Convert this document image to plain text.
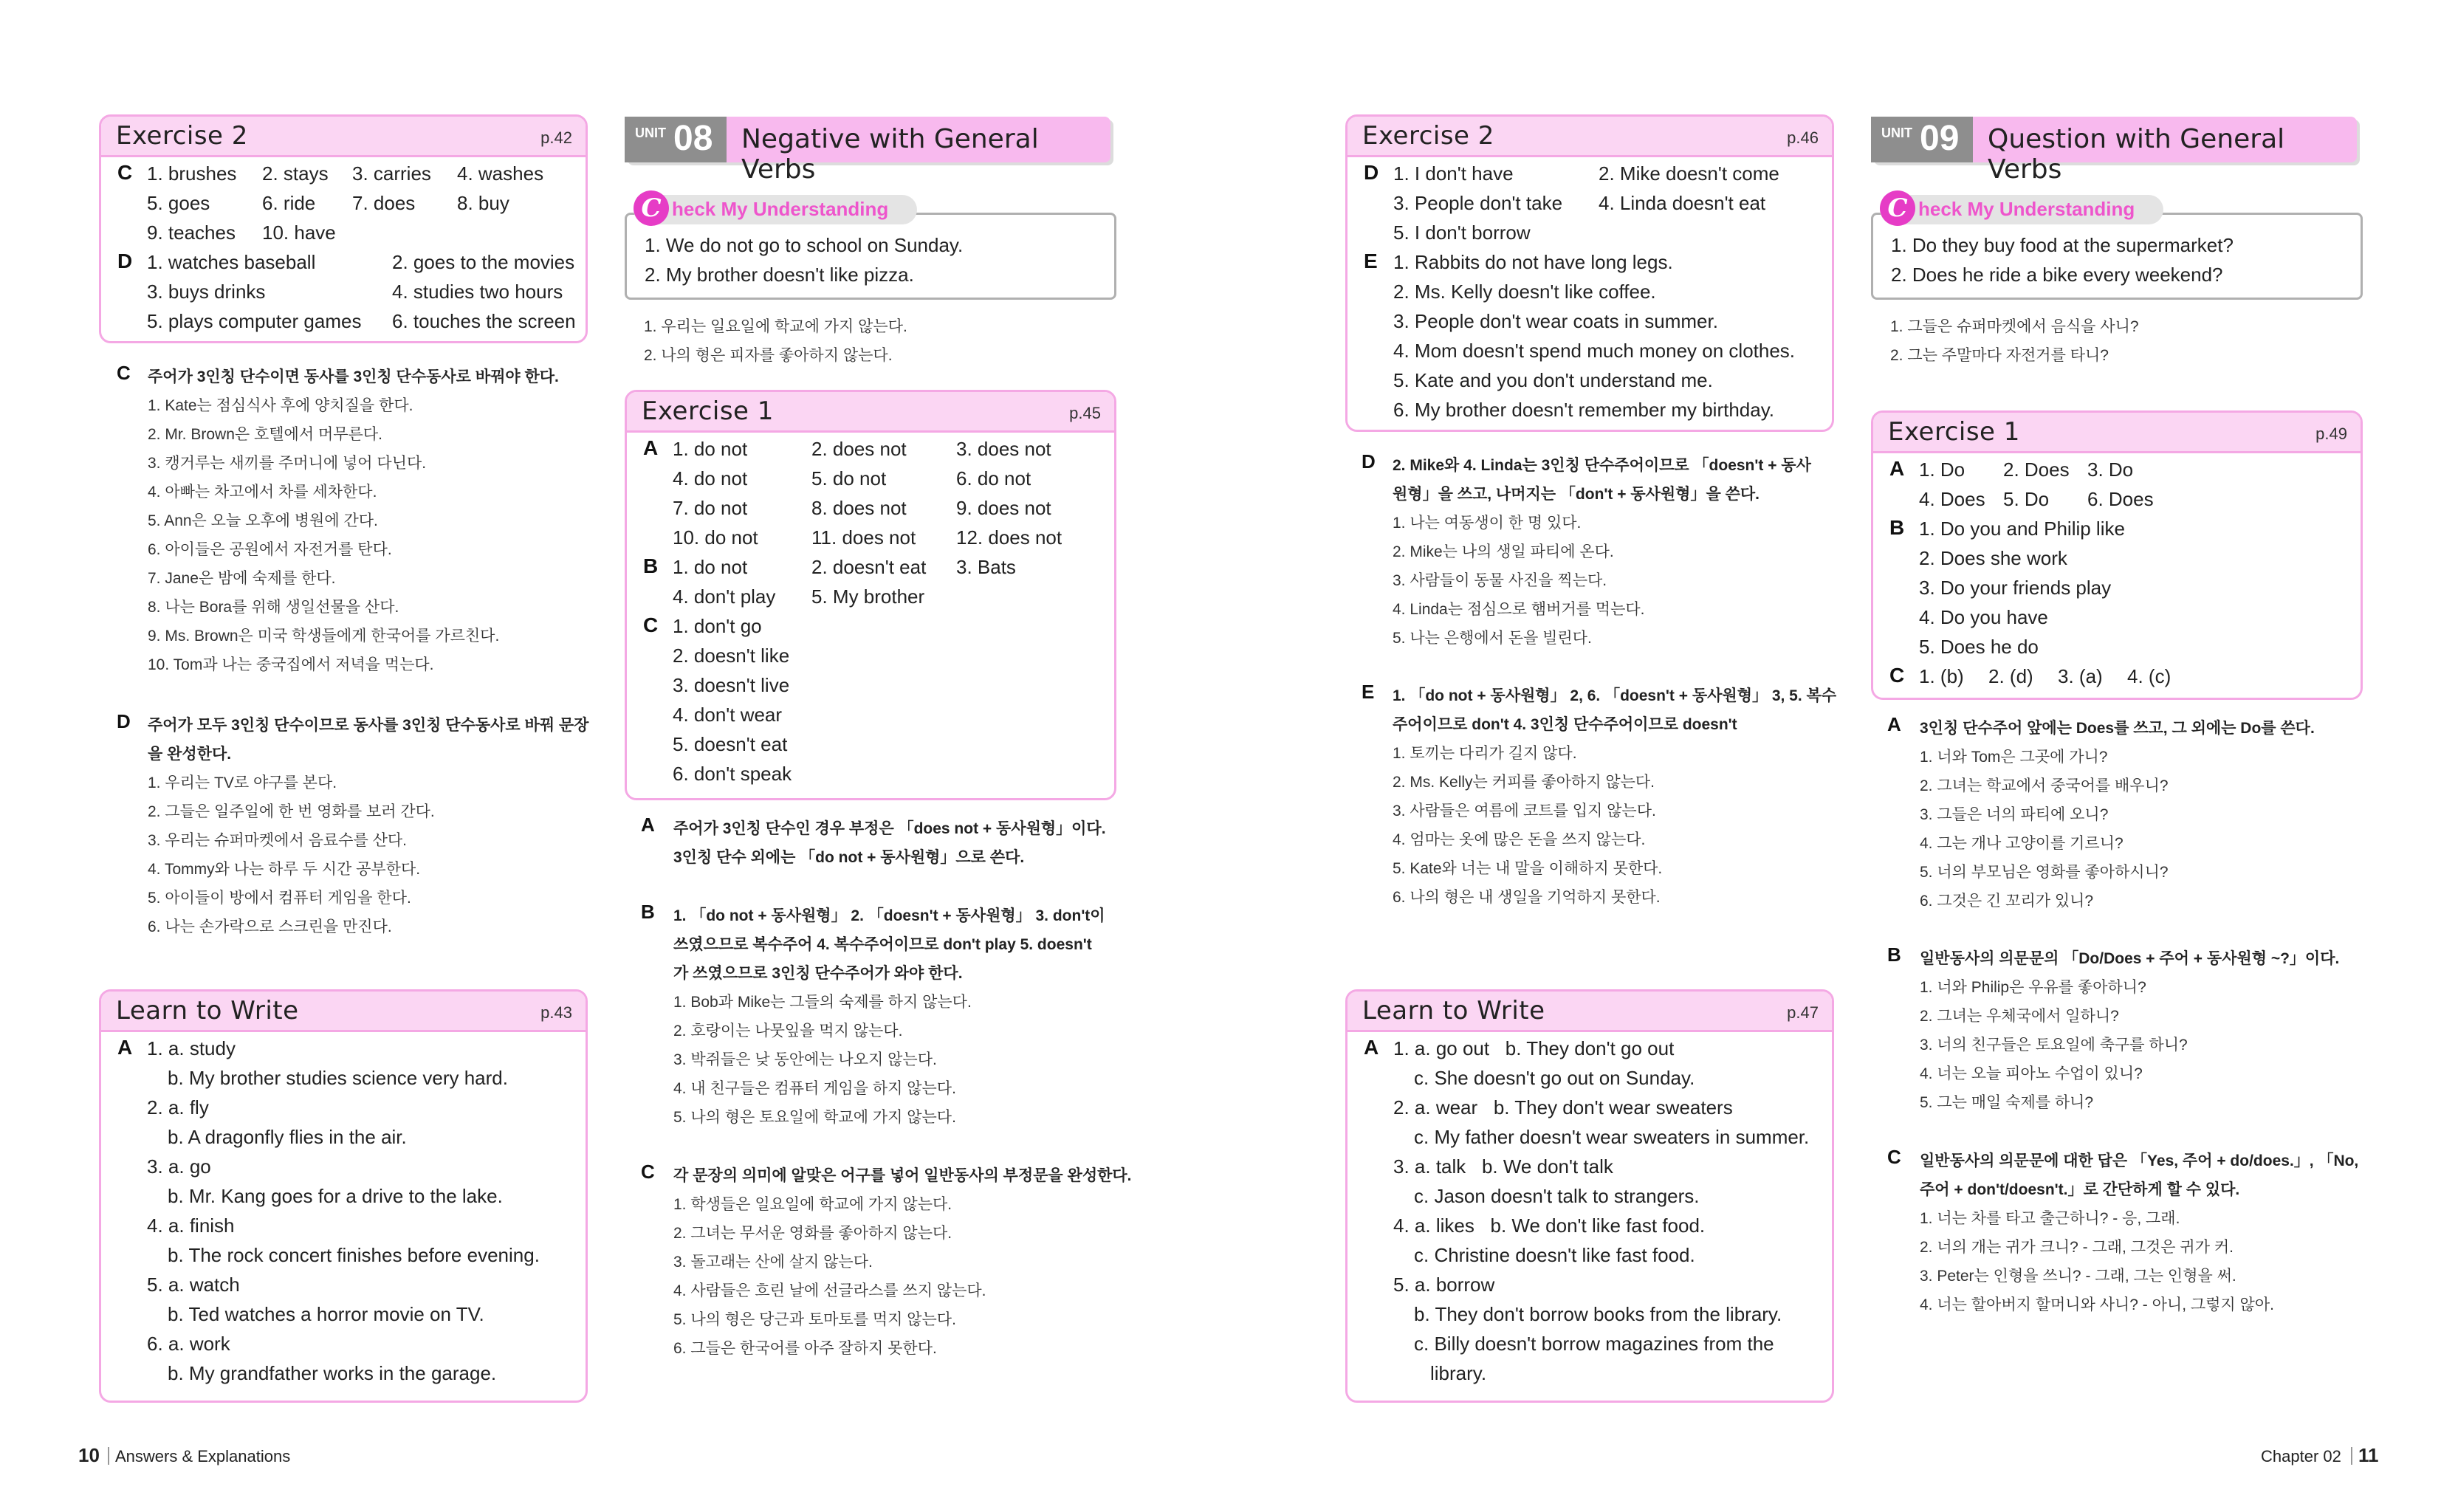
Exercise 2	p.42
C 1. brushes 2. stays 3. carries 4. washes
5. goes	6. ride 7. does 8. buy
9. teaches 10. have
D 1. watches baseball	2. goes to the movies
3. buys drinks	4. studies two hours
5. plays computer games 6. touches the screen
C 주어가 3인칭 단수이면 동사를 3인칭 단수동사로 바꿔야 한다.
1. Kate는 점심식사 후에 양치질을 한다.
2. Mr. Brown은 호텔에서 머무른다.
3. 캥거루는 새끼를 주머니에 넣어 다닌다.
4. 아빠는 차고에서 차를 세차한다.
5. Ann은 오늘 오후에 병원에 간다.
6. 아이들은 공원에서 자전거를 탄다.
7. Jane은 밤에 숙제를 한다.
8. 나는 Bora를 위해 생일선물을 산다.
9. Ms. Brown은 미국 학생들에게 한국어를 가르친다.
10. Tom과 나는 중국집에서 저녁을 먹는다.
D 주어가 모두 3인칭 단수이므로 동사를 3인칭 단수동사로 바꿔 문장
을 완성한다.
1. 우리는 TV로 야구를 본다.
2. 그들은 일주일에 한 번 영화를 보러 간다.
3. 우리는 슈퍼마켓에서 음료수를 산다.
4. Tommy와 나는 하루 두 시간 공부한다.
5. 아이들이 방에서 컴퓨터 게임을 한다.
6. 나는 손가락으로 스크린을 만진다.
Learn to Write	p.43
A 1. a. study
b. My brother studies science very hard.
2. a. fly
b. A dragonfly flies in the air.
3. a. go
b. Mr. Kang goes for a drive to the lake.
4. a. finish
b. The rock concert finishes before evening.
5. a. watch
b. Ted watches a horror movie on TV.
6. a. work
b. My grandfather works in the garage.
UNIT 08 Negative with General Verbs
1. We do not go to school on Sunday.
2. My brother doesn't like pizza.
C heck My Understanding
1. 우리는 일요일에 학교에 가지 않는다.
2. 나의 형은 피자를 좋아하지 않는다.
Exercise 1	p.45
A 1. do not	2. does not	3. does not
4. do not	5. do not	6. do not
7. do not	8. does not	9. does not
10. do not	11. does not 12. does not
B 1. do not	2. doesn't eat 3. Bats
4. don't play 5. My brother
C 1. don't go
2. doesn't like
3. doesn't live
4. don't wear
5. doesn't eat
6. don't speak
A 주어가 3인칭 단수인 경우 부정은 「does not + 동사원형」이다.
3인칭 단수 외에는 「do not + 동사원형」으로 쓴다.
B 1. 「do not + 동사원형」 2. 「doesn't + 동사원형」 3. don't이
쓰였으므로 복수주어 4. 복수주어이므로 don't play 5. doesn't
가 쓰였으므로 3인칭 단수주어가 와야 한다.
1. Bob과 Mike는 그들의 숙제를 하지 않는다.
2. 호랑이는 나뭇잎을 먹지 않는다.
3. 박쥐들은 낮 동안에는 나오지 않는다.
4. 내 친구들은 컴퓨터 게임을 하지 않는다.
5. 나의 형은 토요일에 학교에 가지 않는다.
C 각 문장의 의미에 알맞은 어구를 넣어 일반동사의 부정문을 완성한다.
1. 학생들은 일요일에 학교에 가지 않는다.
2. 그녀는 무서운 영화를 좋아하지 않는다.
3. 돌고래는 산에 살지 않는다.
4. 사람들은 흐린 날에 선글라스를 쓰지 않는다.
5. 나의 형은 당근과 토마토를 먹지 않는다.
6. 그들은 한국어를 아주 잘하지 못한다.
10 Answers & Explanations
Exercise 2	p.46
D 1. I don't have	2. Mike doesn't come
3. People don't take 4. Linda doesn't eat
5. I don't borrow
E 1. Rabbits do not have long legs.
2. Ms. Kelly doesn't like coffee.
3. People don't wear coats in summer.
4. Mom doesn't spend much money on clothes.
5. Kate and you don't understand me.
6. My brother doesn't remember my birthday.
D 2. Mike와 4. Linda는 3인칭 단수주어이므로 「doesn't + 동사
원형」을 쓰고, 나머지는 「don't + 동사원형」을 쓴다.
1. 나는 여동생이 한 명 있다.
2. Mike는 나의 생일 파티에 온다.
3. 사람들이 동물 사진을 찍는다.
4. Linda는 점심으로 햄버거를 먹는다.
5. 나는 은행에서 돈을 빌린다.
E 1. 「do not + 동사원형」 2, 6. 「doesn't + 동사원형」 3, 5. 복수
주어이므로 don't 4. 3인칭 단수주어이므로 doesn't
1. 토끼는 다리가 길지 않다.
2. Ms. Kelly는 커피를 좋아하지 않는다.
3. 사람들은 여름에 코트를 입지 않는다.
4. 엄마는 옷에 많은 돈을 쓰지 않는다.
5. Kate와 너는 내 말을 이해하지 못한다.
6. 나의 형은 내 생일을 기억하지 못한다.
Learn to Write	p.47
A 1. a. go out   b. They don't go out
c. She doesn't go out on Sunday.
2. a. wear   b. They don't wear sweaters
c. My father doesn't wear sweaters in summer.
3. a. talk   b. We don't talk
c. Jason doesn't talk to strangers.
4. a. likes   b. We don't like fast food.
c. Christine doesn't like fast food.
5. a. borrow
b. They don't borrow books from the library.
c. Billy doesn't borrow magazines from the
library.
UNIT 09 Question with General Verbs
1. Do they buy food at the supermarket?
2. Does he ride a bike every weekend?
C heck My Understanding
1. 그들은 슈퍼마켓에서 음식을 사니?
2. 그는 주말마다 자전거를 타니?
Exercise 1	p.49
A 1. Do 2. Does 3. Do
4. Does 5. Do 6. Does
B 1. Do you and Philip like
2. Does she work
3. Do your friends play
4. Do you have
5. Does he do
C 1. (b) 2. (d) 3. (a) 4. (c)
A 3인칭 단수주어 앞에는 Does를 쓰고, 그 외에는 Do를 쓴다.
1. 너와 Tom은 그곳에 가니?
2. 그녀는 학교에서 중국어를 배우니?
3. 그들은 너의 파티에 오니?
4. 그는 개나 고양이를 기르니?
5. 너의 부모님은 영화를 좋아하시니?
6. 그것은 긴 꼬리가 있니?
B 일반동사의 의문문의 「Do/Does + 주어 + 동사원형 ~?」이다.
1. 너와 Philip은 우유를 좋아하니?
2. 그녀는 우체국에서 일하니?
3. 너의 친구들은 토요일에 축구를 하니?
4. 너는 오늘 피아노 수업이 있니?
5. 그는 매일 숙제를 하니?
C 일반동사의 의문문에 대한 답은 「Yes, 주어 + do/does.」, 「No,
주어 + don't/doesn't.」로 간단하게 할 수 있다.
1. 너는 차를 타고 출근하니? - 응, 그래.
2. 너의 개는 귀가 크니? - 그래, 그것은 귀가 커.
3. Peter는 인형을 쓰니? - 그래, 그는 인형을 써.
4. 너는 할아버지 할머니와 사니? - 아니, 그렇지 않아.
Chapter 02 11
